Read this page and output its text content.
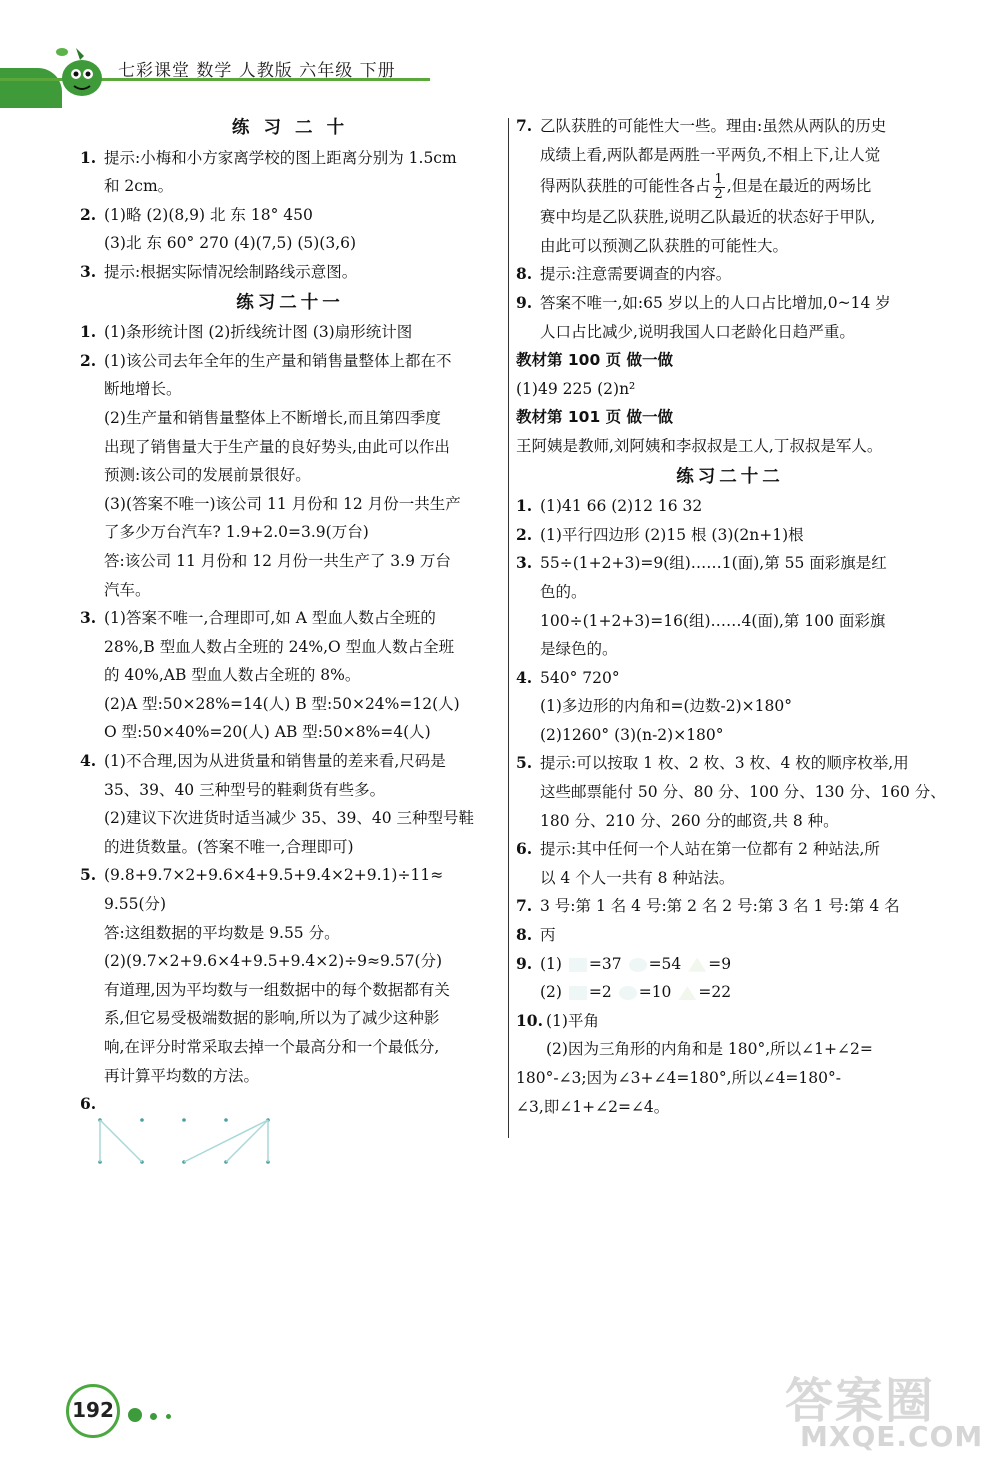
七彩课堂 数学 人教版 六年级 下册
练 习 二 十
1. 提示:小梅和小方家离学校的图上距离分别为 1.5cm
和 2cm。
2. (1)略 (2)(8,9) 北 东 18° 450
(3)北 东 60° 270 (4)(7,5) (5)(3,6)
3. 提示:根据实际情况绘制路线示意图。
练习二十一
1. (1)条形统计图 (2)折线统计图 (3)扇形统计图
2. (1)该公司去年全年的生产量和销售量整体上都在不
断地增长。
(2)生产量和销售量整体上不断增长,而且第四季度
出现了销售量大于生产量的良好势头,由此可以作出
预测:该公司的发展前景很好。
(3)(答案不唯一)该公司 11 月份和 12 月份一共生产
了多少万台汽车? 1.9+2.0=3.9(万台)
答:该公司 11 月份和 12 月份一共生产了 3.9 万台
汽车。
3. (1)答案不唯一,合理即可,如 A 型血人数占全班的
28%,B 型血人数占全班的 24%,O 型血人数占全班
的 40%,AB 型血人数占全班的 8%。
(2)A 型:50×28%=14(人) B 型:50×24%=12(人)
O 型:50×40%=20(人) AB 型:50×8%=4(人)
4. (1)不合理,因为从进货量和销售量的差来看,尺码是
35、39、40 三种型号的鞋剩货有些多。
(2)建议下次进货时适当减少 35、39、40 三种型号鞋
的进货数量。(答案不唯一,合理即可)
5. (9.8+9.7×2+9.6×4+9.5+9.4×2+9.1)÷11≈
9.55(分)
答:这组数据的平均数是 9.55 分。
(2)(9.7×2+9.6×4+9.5+9.4×2)÷9≈9.57(分)
有道理,因为平均数与一组数据中的每个数据都有关
系,但它易受极端数据的影响,所以为了减少这种影
响,在评分时常采取去掉一个最高分和一个最低分,
再计算平均数的方法。
6.
7. 乙队获胜的可能性大一些。理由:虽然从两队的历史
成绩上看,两队都是两胜一平两负,不相上下,让人觉
得两队获胜的可能性各占 $\frac{1}{2}$ ,但是在最近的两场比
赛中均是乙队获胜,说明乙队最近的状态好于甲队,
由此可以预测乙队获胜的可能性大。
8. 提示:注意需要调查的内容。
9. 答案不唯一,如:65 岁以上的人口占比增加,0~14 岁
人口占比减少,说明我国人口老龄化日趋严重。
教材第 100 页 做一做
(1)49 225 (2)n²
教材第 101 页 做一做
王阿姨是教师,刘阿姨和李叔叔是工人,丁叔叔是军人。
练习二十二
1. (1)41 66 (2)12 16 32
2. (1)平行四边形 (2)15 根 (3)(2n+1)根
3. 55÷(1+2+3)=9(组)……1(面),第 55 面彩旗是红
色的。
100÷(1+2+3)=16(组)……4(面),第 100 面彩旗
是绿色的。
4. 540° 720°
(1)多边形的内角和=(边数-2)×180°
(2)1260° (3)(n-2)×180°
5. 提示:可以按取 1 枚、2 枚、3 枚、4 枚的顺序枚举,用
这些邮票能付 50 分、80 分、100 分、130 分、160 分、
180 分、210 分、260 分的邮资,共 8 种。
6. 提示:其中任何一个人站在第一位都有 2 种站法,所
以 4 个人一共有 8 种站法。
7. 3 号:第 1 名 4 号:第 2 名 2 号:第 3 名 1 号:第 4 名
8. 丙
9. (1) =37 =54 =9
(2) =2 =10 =22
10. (1)平角
(2)因为三角形的内角和是 180°,所以∠1+∠2=
180°-∠3;因为∠3+∠4=180°,所以∠4=180°-
∠3,即∠1+∠2=∠4。
192	答案圈
MXQE.COM
